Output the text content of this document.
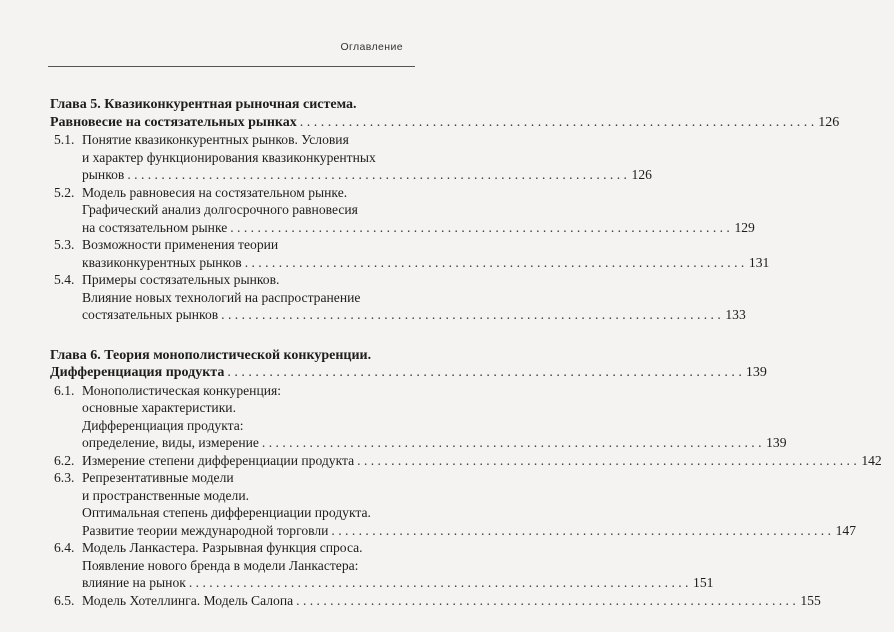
Оглавление
Глава 5. Квазиконкурентная рыночная система.
Равновесие на состязательных рынках . . .	126
5.1. Понятие квазиконкурентных рынков. Условия
и характер функционирования квазиконкурентных
рынков . . .	126
5.2. Модель равновесия на состязательном рынке.
Графический анализ долгосрочного равновесия
на состязательном рынке . . .	129
5.3. Возможности применения теории
квазиконкурентных рынков . . .	131
5.4. Примеры состязательных рынков.
Влияние новых технологий на распространение
состязательных рынков . . .	133
Глава 6. Теория монополистической конкуренции.
Дифференциация продукта . . .	139
6.1. Монополистическая конкуренция:
основные характеристики.
Дифференциация продукта:
определение, виды, измерение . . .	139
6.2. Измерение степени дифференциации продукта . . .	142
6.3. Репрезентативные модели
и пространственные модели.
Оптимальная степень дифференциации продукта.
Развитие теории международной торговли . . .	147
6.4. Модель Ланкастера. Разрывная функция спроса.
Появление нового бренда в модели Ланкастера:
влияние на рынок . . .	151
6.5. Модель Хотеллинга. Модель Салопа . . .	155
